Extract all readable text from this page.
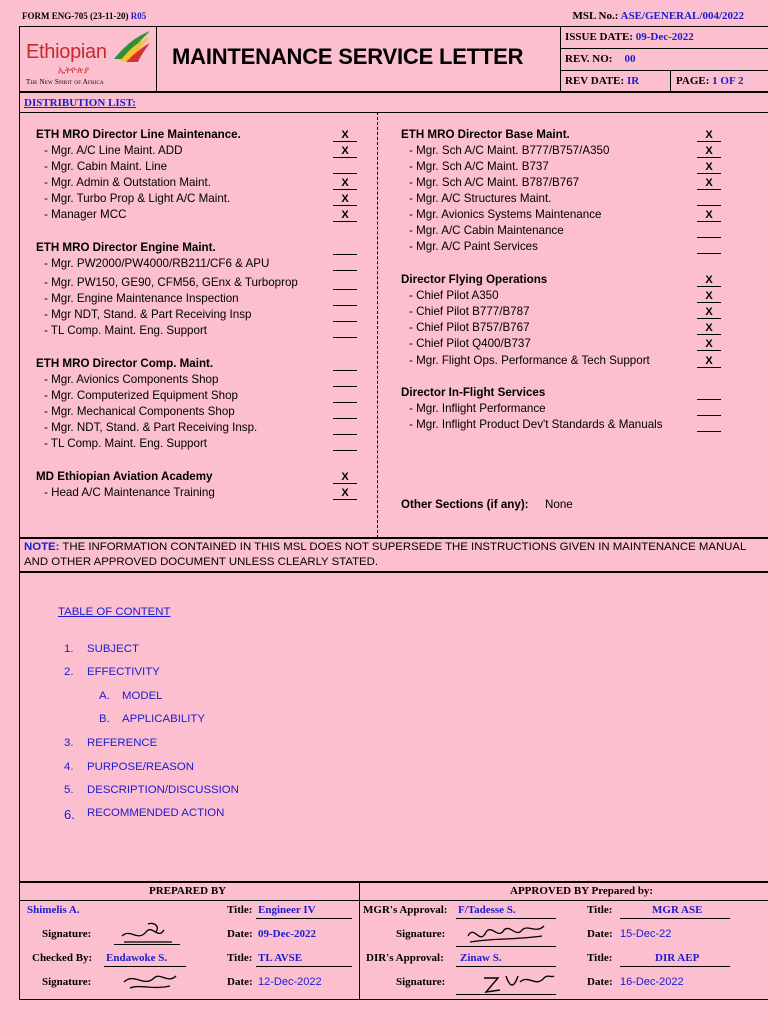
FORM ENG-705 (23-11-20) R05	MSL No.: ASE/GENERAL/004/2022
Ethiopian
ኢትዮጵያ
The New Spirit of Africa
MAINTENANCE SERVICE LETTER
ISSUE DATE: 09-Dec-2022
REV. NO: 00
REV DATE: IR	PAGE: 1 OF 2
DISTRIBUTION LIST:
ETH MRO Director Line Maintenance.	X
- Mgr. A/C Line Maint. ADD	X
- Mgr. Cabin Maint. Line
- Mgr. Admin & Outstation Maint.	X
- Mgr. Turbo Prop & Light A/C Maint.	X
- Manager MCC	X
ETH MRO Director Engine Maint.
- Mgr. PW2000/PW4000/RB211/CF6 & APU
- Mgr. PW150, GE90, CFM56, GEnx & Turboprop
- Mgr. Engine Maintenance Inspection
- Mgr NDT, Stand. & Part Receiving Insp
- TL Comp. Maint. Eng. Support
ETH MRO Director Comp. Maint.
- Mgr. Avionics Components Shop
- Mgr. Computerized Equipment Shop
- Mgr. Mechanical Components Shop
- Mgr. NDT, Stand. & Part Receiving Insp.
- TL Comp. Maint. Eng. Support
MD Ethiopian Aviation Academy	X
- Head A/C Maintenance Training	X
ETH MRO Director Base Maint.	X
- Mgr. Sch A/C Maint. B777/B757/A350	X
- Mgr. Sch A/C Maint. B737	X
- Mgr. Sch A/C Maint. B787/B767	X
- Mgr. A/C Structures Maint.
- Mgr. Avionics Systems Maintenance	X
- Mgr. A/C Cabin Maintenance
- Mgr. A/C Paint Services
Director Flying Operations	X
- Chief Pilot A350	X
- Chief Pilot B777/B787	X
- Chief Pilot B757/B767	X
- Chief Pilot Q400/B737	X
- Mgr. Flight Ops. Performance & Tech Support	X
Director In-Flight Services
- Mgr. Inflight Performance
- Mgr. Inflight Product Dev't Standards & Manuals
Other Sections (if any): None
NOTE: THE INFORMATION CONTAINED IN THIS MSL DOES NOT SUPERSEDE THE INSTRUCTIONS GIVEN IN MAINTENANCE MANUAL AND OTHER APPROVED DOCUMENT UNLESS CLEARLY STATED.
TABLE OF CONTENT
1. SUBJECT
2. EFFECTIVITY
A. MODEL
B. APPLICABILITY
3. REFERENCE
4. PURPOSE/REASON
5. DESCRIPTION/DISCUSSION
6. RECOMMENDED ACTION
PREPARED BY	APPROVED BY Prepared by:
Shimelis A.	Title: Engineer IV
Signature:	Date: 09-Dec-2022
Checked By: Endawoke S.	Title: TL AVSE
Signature:	Date: 12-Dec-2022
MGR's Approval: F/Tadesse S.	Title:	MGR ASE
Signature:	Date: 15-Dec-22
DIR's Approval: Zinaw S.	Title:	DIR AEP
Signature:	Date: 16-Dec-2022
